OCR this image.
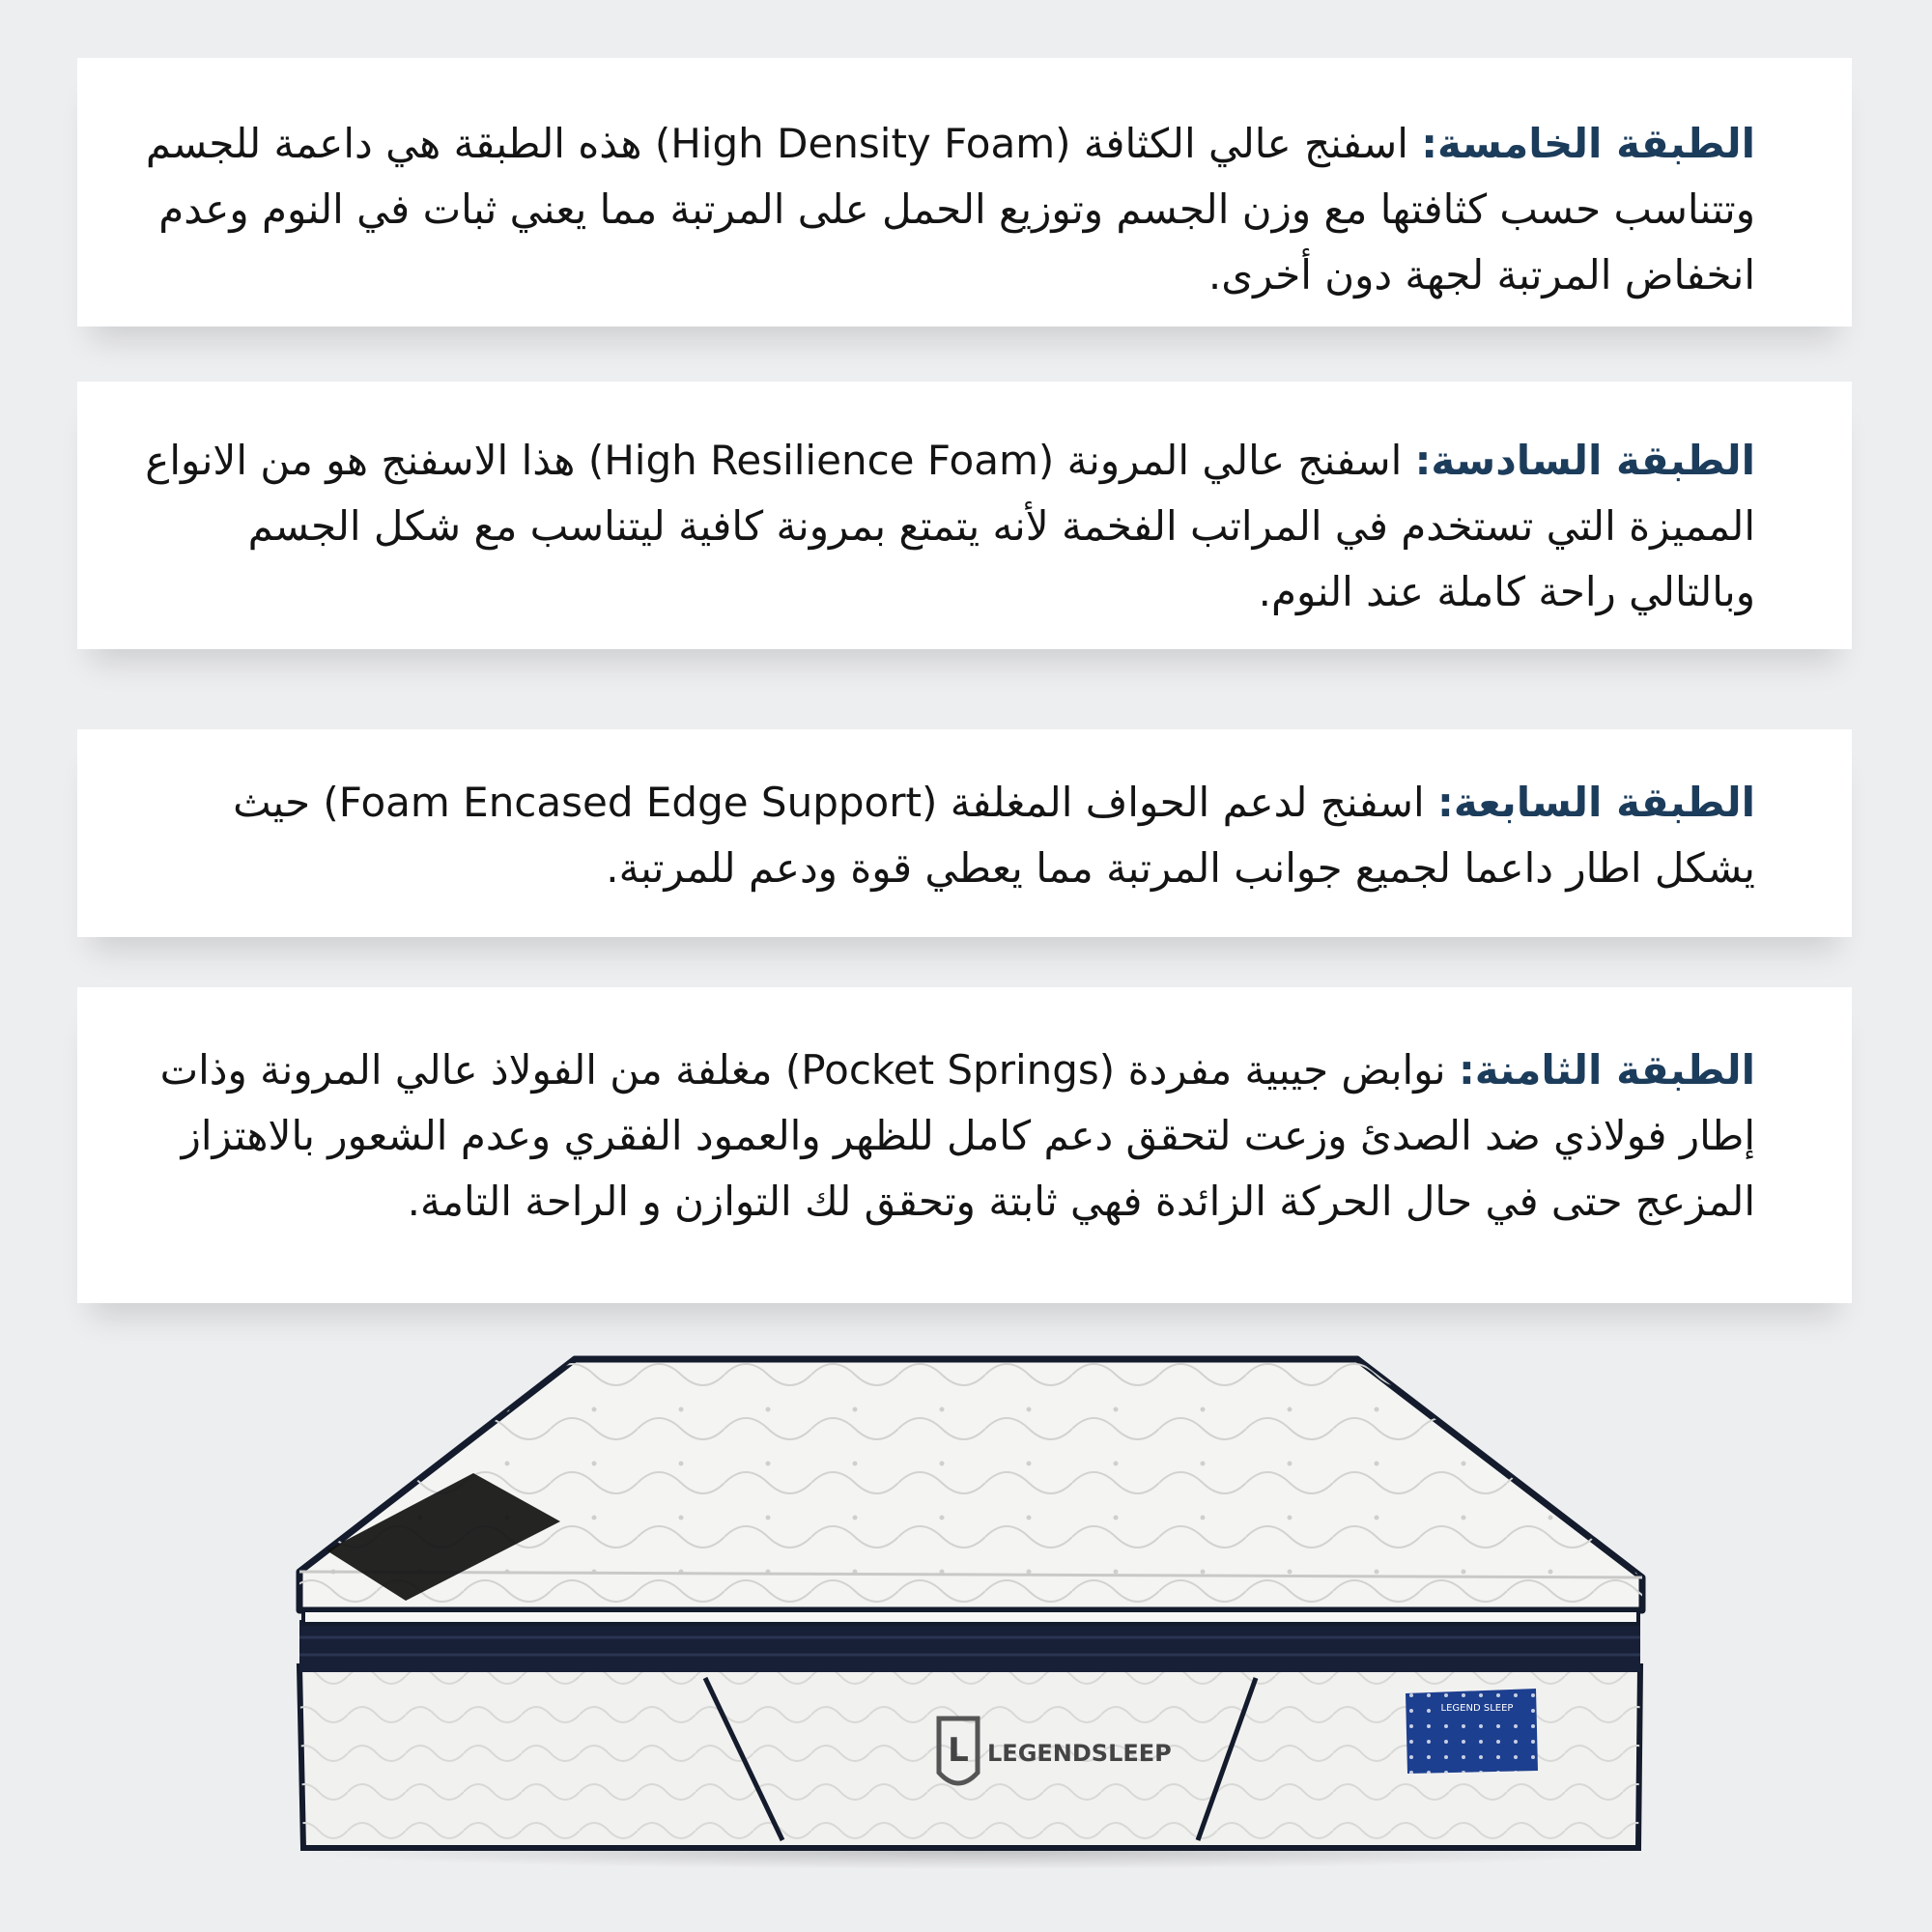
الطبقة الخامسة: اسفنج عالي الكثافة (High Density Foam) هذه الطبقة هي داعمة للجسم وتتناسب حسب كثافتها مع وزن الجسم وتوزيع الحمل على المرتبة مما يعني ثبات في النوم وعدم انخفاض المرتبة لجهة دون أخرى.

الطبقة السادسة: اسفنج عالي المرونة (High Resilience Foam) هذا الاسفنج هو من الانواع المميزة التي تستخدم في المراتب الفخمة لأنه يتمتع بمرونة كافية ليتناسب مع شكل الجسم وبالتالي راحة كاملة عند النوم.

الطبقة السابعة: اسفنج لدعم الحواف المغلفة (Foam Encased Edge Support) حيث يشكل اطار داعما لجميع جوانب المرتبة مما يعطي قوة ودعم للمرتبة.

الطبقة الثامنة: نوابض جيبية مفردة (Pocket Springs) مغلفة من الفولاذ عالي المرونة وذات إطار فولاذي ضد الصدئ وزعت لتحقق دعم كامل للظهر والعمود الفقري وعدم الشعور بالاهتزاز المزعج حتى في حال الحركة الزائدة فهي ثابتة وتحقق لك التوازن و الراحة التامة.

L LEGENDSLEEP
LEGEND SLEEP
